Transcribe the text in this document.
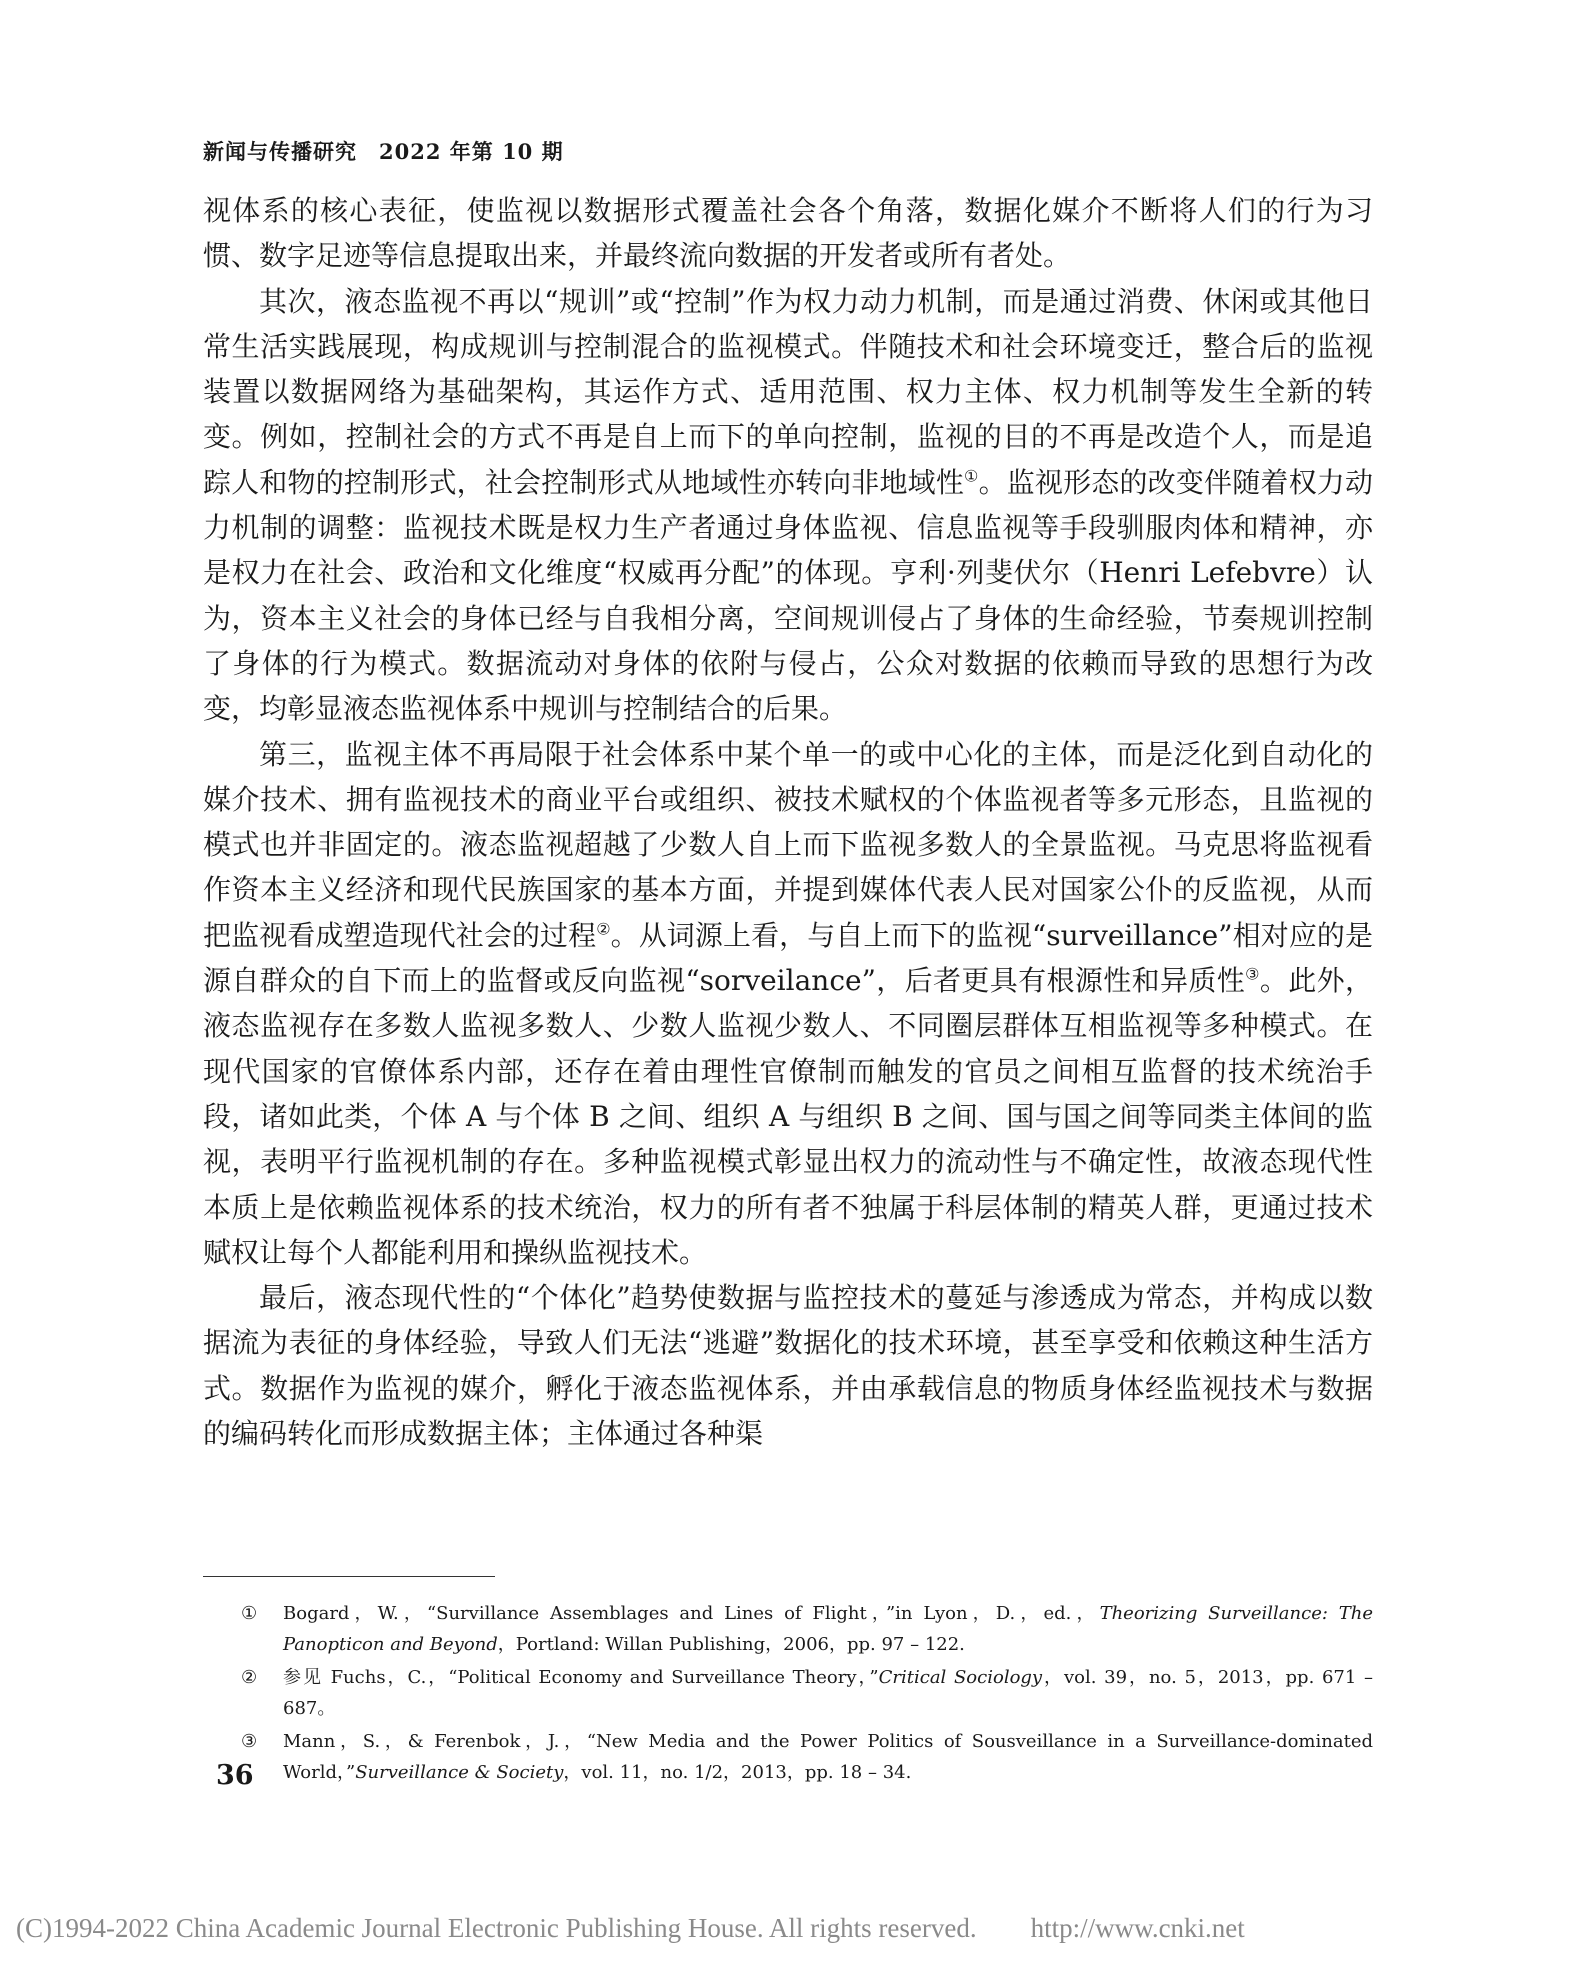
新闻与传播研究　2022 年第 10 期

视体系的核心表征，使监视以数据形式覆盖社会各个角落，数据化媒介不断将人们的行为习惯、数字足迹等信息提取出来，并最终流向数据的开发者或所有者处。

其次，液态监视不再以“规训”或“控制”作为权力动力机制，而是通过消费、休闲或其他日常生活实践展现，构成规训与控制混合的监视模式。伴随技术和社会环境变迁，整合后的监视装置以数据网络为基础架构，其运作方式、适用范围、权力主体、权力机制等发生全新的转变。例如，控制社会的方式不再是自上而下的单向控制，监视的目的不再是改造个人，而是追踪人和物的控制形式，社会控制形式从地域性亦转向非地域性①。监视形态的改变伴随着权力动力机制的调整：监视技术既是权力生产者通过身体监视、信息监视等手段驯服肉体和精神，亦是权力在社会、政治和文化维度“权威再分配”的体现。亨利·列斐伏尔（Henri Lefebvre）认为，资本主义社会的身体已经与自我相分离，空间规训侵占了身体的生命经验，节奏规训控制了身体的行为模式。数据流动对身体的依附与侵占，公众对数据的依赖而导致的思想行为改变，均彰显液态监视体系中规训与控制结合的后果。

第三，监视主体不再局限于社会体系中某个单一的或中心化的主体，而是泛化到自动化的媒介技术、拥有监视技术的商业平台或组织、被技术赋权的个体监视者等多元形态，且监视的模式也并非固定的。液态监视超越了少数人自上而下监视多数人的全景监视。马克思将监视看作资本主义经济和现代民族国家的基本方面，并提到媒体代表人民对国家公仆的反监视，从而把监视看成塑造现代社会的过程②。从词源上看，与自上而下的监视“surveillance”相对应的是源自群众的自下而上的监督或反向监视“sorveilance”，后者更具有根源性和异质性③。此外，液态监视存在多数人监视多数人、少数人监视少数人、不同圈层群体互相监视等多种模式。在现代国家的官僚体系内部，还存在着由理性官僚制而触发的官员之间相互监督的技术统治手段，诸如此类，个体 A 与个体 B 之间、组织 A 与组织 B 之间、国与国之间等同类主体间的监视，表明平行监视机制的存在。多种监视模式彰显出权力的流动性与不确定性，故液态现代性本质上是依赖监视体系的技术统治，权力的所有者不独属于科层体制的精英人群，更通过技术赋权让每个人都能利用和操纵监视技术。

最后，液态现代性的“个体化”趋势使数据与监控技术的蔓延与渗透成为常态，并构成以数据流为表征的身体经验，导致人们无法“逃避”数据化的技术环境，甚至享受和依赖这种生活方式。数据作为监视的媒介，孵化于液态监视体系，并由承载信息的物质身体经监视技术与数据的编码转化而形成数据主体；主体通过各种渠

① Bogard，W.，“Survillance Assemblages and Lines of Flight，”in Lyon，D.，ed.，Theorizing Surveillance: The Panopticon and Beyond，Portland: Willan Publishing，2006，pp. 97 – 122.
② 参见 Fuchs，C.，“Political Economy and Surveillance Theory，”Critical Sociology，vol. 39，no. 5，2013，pp. 671 – 687。
③ Mann，S.，& Ferenbok，J.，“New Media and the Power Politics of Sousveillance in a Surveillance-dominated World，”Surveillance & Society，vol. 11，no. 1/2，2013，pp. 18 – 34.
36
(C)1994-2022 China Academic Journal Electronic Publishing House. All rights reserved.　　http://www.cnki.net
